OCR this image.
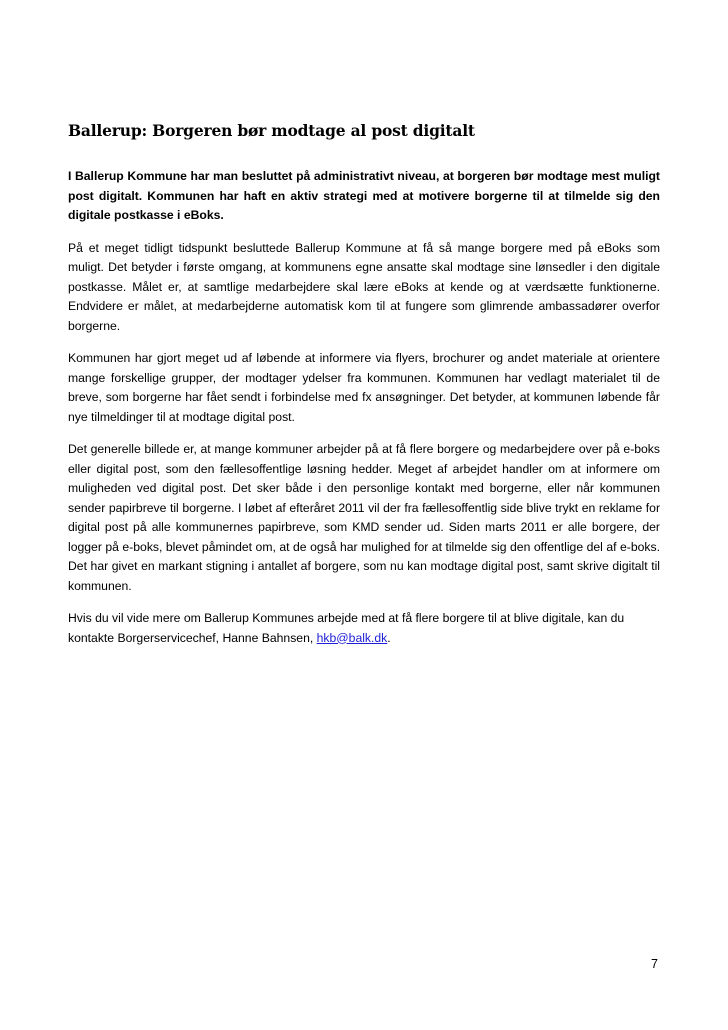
Ballerup: Borgeren bør modtage al post digitalt

I Ballerup Kommune har man besluttet på administrativt niveau, at borgeren bør modtage mest muligt post digitalt. Kommunen har haft en aktiv strategi med at motivere borgerne til at tilmelde sig den digitale postkasse i eBoks.

På et meget tidligt tidspunkt besluttede Ballerup Kommune at få så mange borgere med på eBoks som muligt. Det betyder i første omgang, at kommunens egne ansatte skal modtage sine lønsedler i den digitale postkasse. Målet er, at samtlige medarbejdere skal lære eBoks at kende og at værdsætte funktionerne. Endvidere er målet, at medarbejderne automatisk kom til at fungere som glimrende ambassadører overfor borgerne.

Kommunen har gjort meget ud af løbende at informere via flyers, brochurer og andet materiale at orientere mange forskellige grupper, der modtager ydelser fra kommunen. Kommunen har vedlagt materialet til de breve, som borgerne har fået sendt i forbindelse med fx ansøgninger. Det betyder, at kommunen løbende får nye tilmeldinger til at modtage digital post.

Det generelle billede er, at mange kommuner arbejder på at få flere borgere og medarbejdere over på e-boks eller digital post, som den fællesoffentlige løsning hedder. Meget af arbejdet handler om at informere om muligheden ved digital post. Det sker både i den personlige kontakt med borgerne, eller når kommunen sender papirbreve til borgerne. I løbet af efteråret 2011 vil der fra fællesoffentlig side blive trykt en reklame for digital post på alle kommunernes papirbreve, som KMD sender ud. Siden marts 2011 er alle borgere, der logger på e-boks, blevet påmindet om, at de også har mulighed for at tilmelde sig den offentlige del af e-boks. Det har givet en markant stigning i antallet af borgere, som nu kan modtage digital post, samt skrive digitalt til kommunen.

Hvis du vil vide mere om Ballerup Kommunes arbejde med at få flere borgere til at blive digitale, kan du kontakte Borgerservicechef, Hanne Bahnsen, hkb@balk.dk.

7
